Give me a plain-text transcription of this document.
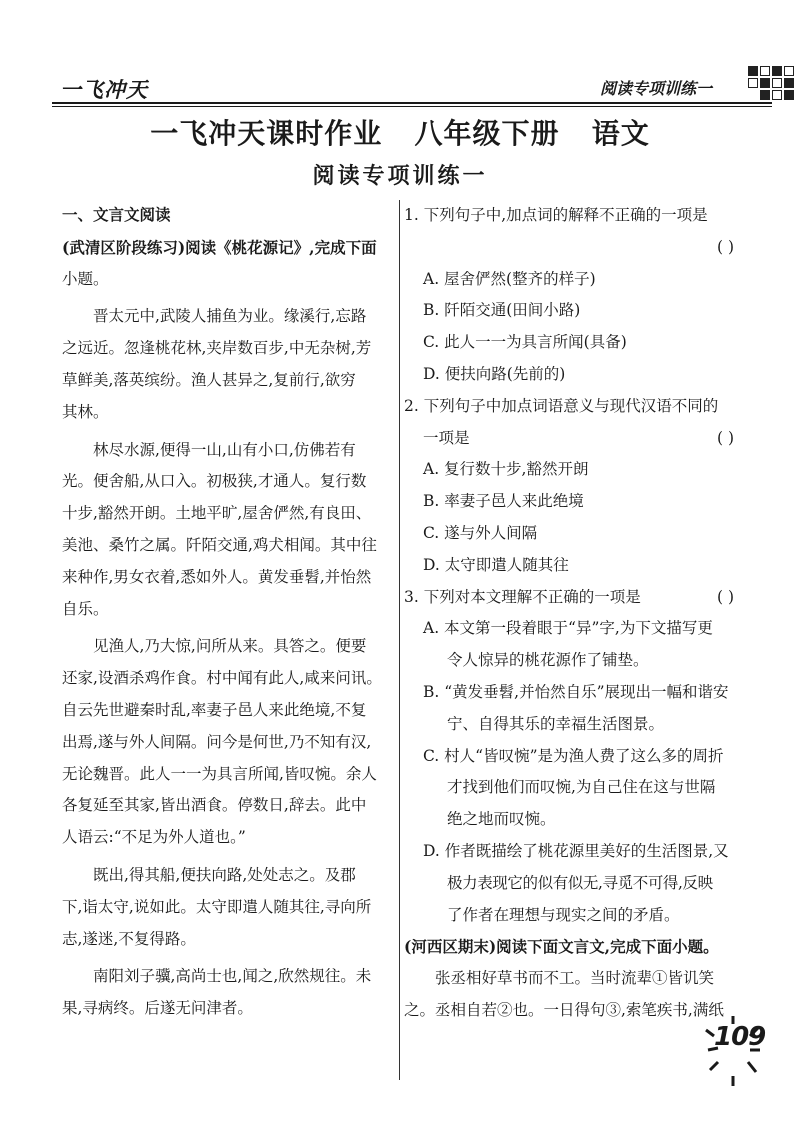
一飞冲天	阅读专项训练一
一飞冲天课时作业   八年级下册   语文
阅读专项训练一
一、文言文阅读
(武清区阶段练习)阅读《桃花源记》,完成下面
小题。
晋太元中,武陵人捕鱼为业。缘溪行,忘路
之远近。忽逢桃花林,夹岸数百步,中无杂树,芳
草鲜美,落英缤纷。渔人甚异之,复前行,欲穷
其林。
林尽水源,便得一山,山有小口,仿佛若有
光。便舍船,从口入。初极狭,才通人。复行数
十步,豁然开朗。土地平旷,屋舍俨然,有良田、
美池、桑竹之属。阡陌交通,鸡犬相闻。其中往
来种作,男女衣着,悉如外人。黄发垂髫,并怡然
自乐。
见渔人,乃大惊,问所从来。具答之。便要
还家,设酒杀鸡作食。村中闻有此人,咸来问讯。
自云先世避秦时乱,率妻子邑人来此绝境,不复
出焉,遂与外人间隔。问今是何世,乃不知有汉,
无论魏晋。此人一一为具言所闻,皆叹惋。余人
各复延至其家,皆出酒食。停数日,辞去。此中
人语云:“不足为外人道也。”
既出,得其船,便扶向路,处处志之。及郡
下,诣太守,说如此。太守即遣人随其往,寻向所
志,遂迷,不复得路。
南阳刘子骥,高尚士也,闻之,欣然规往。未
果,寻病终。后遂无问津者。
1. 下列句子中,加点词的解释不正确的一项是
( )
A. 屋舍俨然(整齐的样子)
B. 阡陌交通(田间小路)
C. 此人一一为具言所闻(具备)
D. 便扶向路(先前的)
2. 下列句子中加点词语意义与现代汉语不同的
一项是	( )
A. 复行数十步,豁然开朗
B. 率妻子邑人来此绝境
C. 遂与外人间隔
D. 太守即遣人随其往
3. 下列对本文理解不正确的一项是	( )
A. 本文第一段着眼于“异”字,为下文描写更
令人惊异的桃花源作了铺垫。
B. “黄发垂髫,并怡然自乐”展现出一幅和谐安
宁、自得其乐的幸福生活图景。
C. 村人“皆叹惋”是为渔人费了这么多的周折
才找到他们而叹惋,为自己住在这与世隔
绝之地而叹惋。
D. 作者既描绘了桃花源里美好的生活图景,又
极力表现它的似有似无,寻觅不可得,反映
了作者在理想与现实之间的矛盾。
(河西区期末)阅读下面文言文,完成下面小题。
张丞相好草书而不工。当时流辈①皆讥笑
之。丞相自若②也。一日得句③,索笔疾书,满纸
109
